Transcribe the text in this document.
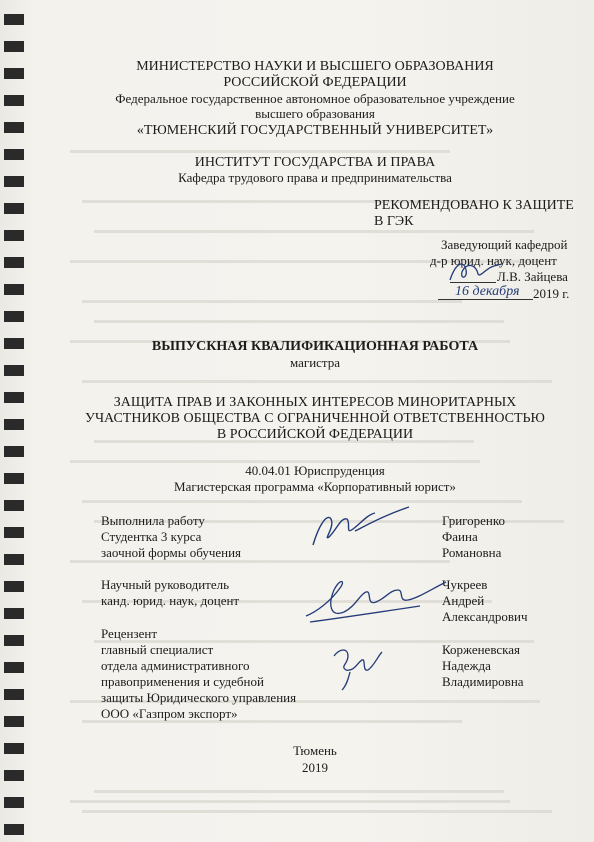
МИНИСТЕРСТВО НАУКИ И ВЫСШЕГО ОБРАЗОВАНИЯ
РОССИЙСКОЙ ФЕДЕРАЦИИ
Федеральное государственное автономное образовательное учреждение
высшего образования
«ТЮМЕНСКИЙ ГОСУДАРСТВЕННЫЙ УНИВЕРСИТЕТ»
ИНСТИТУТ ГОСУДАРСТВА И ПРАВА
Кафедра трудового права и предпринимательства
РЕКОМЕНДОВАНО К ЗАЩИТЕ
В ГЭК
Заведующий кафедрой
д-р юрид. наук, доцент
Л.В. Зайцева
16 декабря 2019 г.
ВЫПУСКНАЯ КВАЛИФИКАЦИОННАЯ РАБОТА
магистра
ЗАЩИТА ПРАВ И ЗАКОННЫХ ИНТЕРЕСОВ МИНОРИТАРНЫХ
УЧАСТНИКОВ ОБЩЕСТВА С ОГРАНИЧЕННОЙ ОТВЕТСТВЕННОСТЬЮ
В РОССИЙСКОЙ ФЕДЕРАЦИИ
40.04.01 Юриспруденция
Магистерская программа «Корпоративный юрист»
Выполнила работу
Студентка 3 курса
заочной формы обучения
Григоренко
Фаина
Романовна
Научный руководитель
канд. юрид. наук, доцент
Чукреев
Андрей
Александрович
Рецензент
главный специалист
отдела административного
правоприменения и судебной
защиты Юридического управления
ООО «Газпром экспорт»
Корженевская
Надежда
Владимировна
Тюмень
2019
